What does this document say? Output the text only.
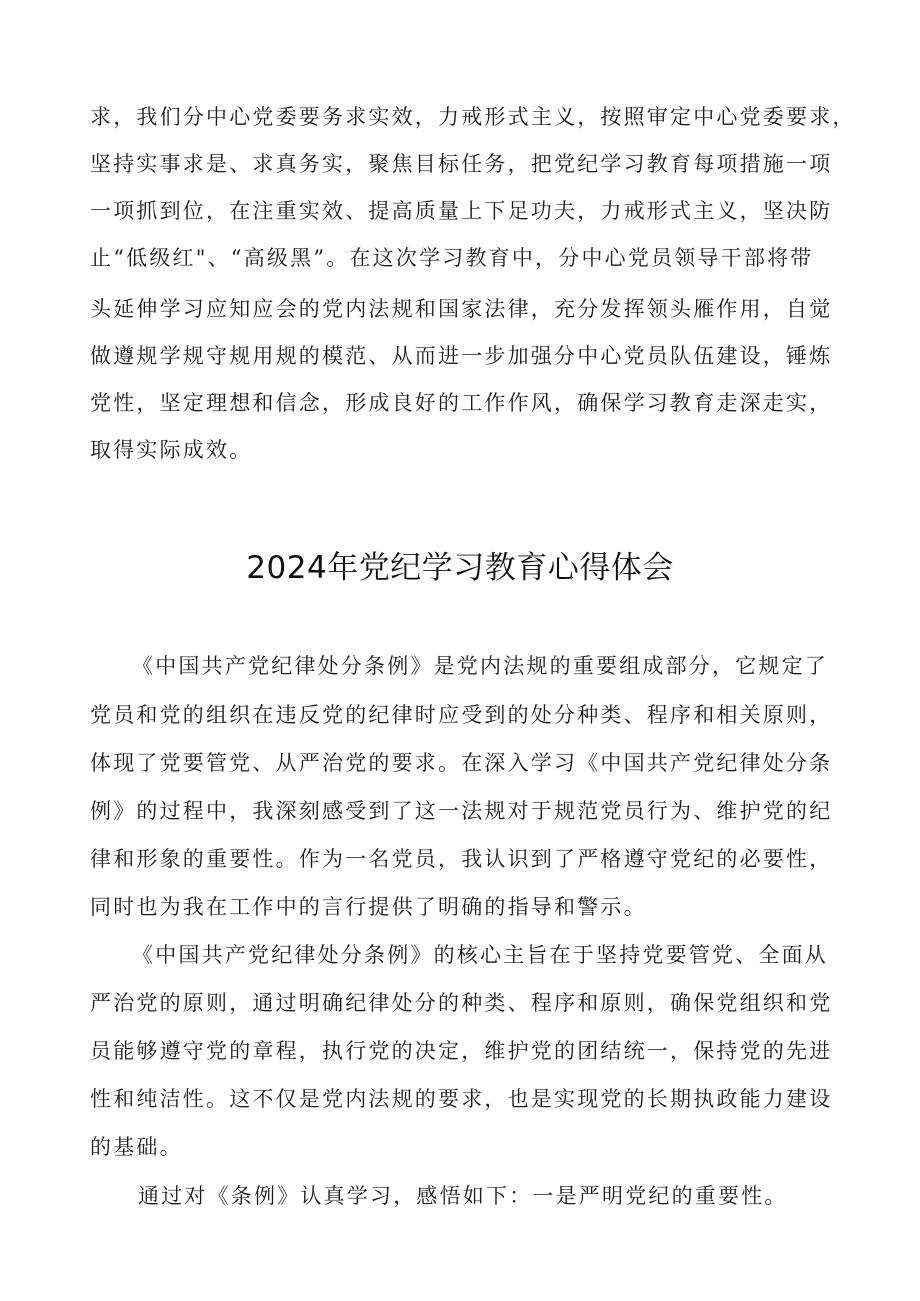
求，我们分中心党委要务求实效，力戒形式主义，按照审定中心党委要求，
坚持实事求是、求真务实，聚焦目标任务，把党纪学习教育每项措施一项
一项抓到位，在注重实效、提高质量上下足功夫，力戒形式主义，坚决防
止“低级红"、“高级黑”。在这次学习教育中，分中心党员领导干部将带
头延伸学习应知应会的党内法规和国家法律，充分发挥领头雁作用，自觉
做遵规学规守规用规的模范、从而进一步加强分中心党员队伍建设，锤炼
党性，坚定理想和信念，形成良好的工作作风，确保学习教育走深走实，
取得实际成效。
2024年党纪学习教育心得体会
《中国共产党纪律处分条例》是党内法规的重要组成部分，它规定了
党员和党的组织在违反党的纪律时应受到的处分种类、程序和相关原则，
体现了党要管党、从严治党的要求。在深入学习《中国共产党纪律处分条
例》的过程中，我深刻感受到了这一法规对于规范党员行为、维护党的纪
律和形象的重要性。作为一名党员，我认识到了严格遵守党纪的必要性，
同时也为我在工作中的言行提供了明确的指导和警示。
《中国共产党纪律处分条例》的核心主旨在于坚持党要管党、全面从
严治党的原则，通过明确纪律处分的种类、程序和原则，确保党组织和党
员能够遵守党的章程，执行党的决定，维护党的团结统一，保持党的先进
性和纯洁性。这不仅是党内法规的要求，也是实现党的长期执政能力建设
的基础。
通过对《条例》认真学习，感悟如下：一是严明党纪的重要性。
